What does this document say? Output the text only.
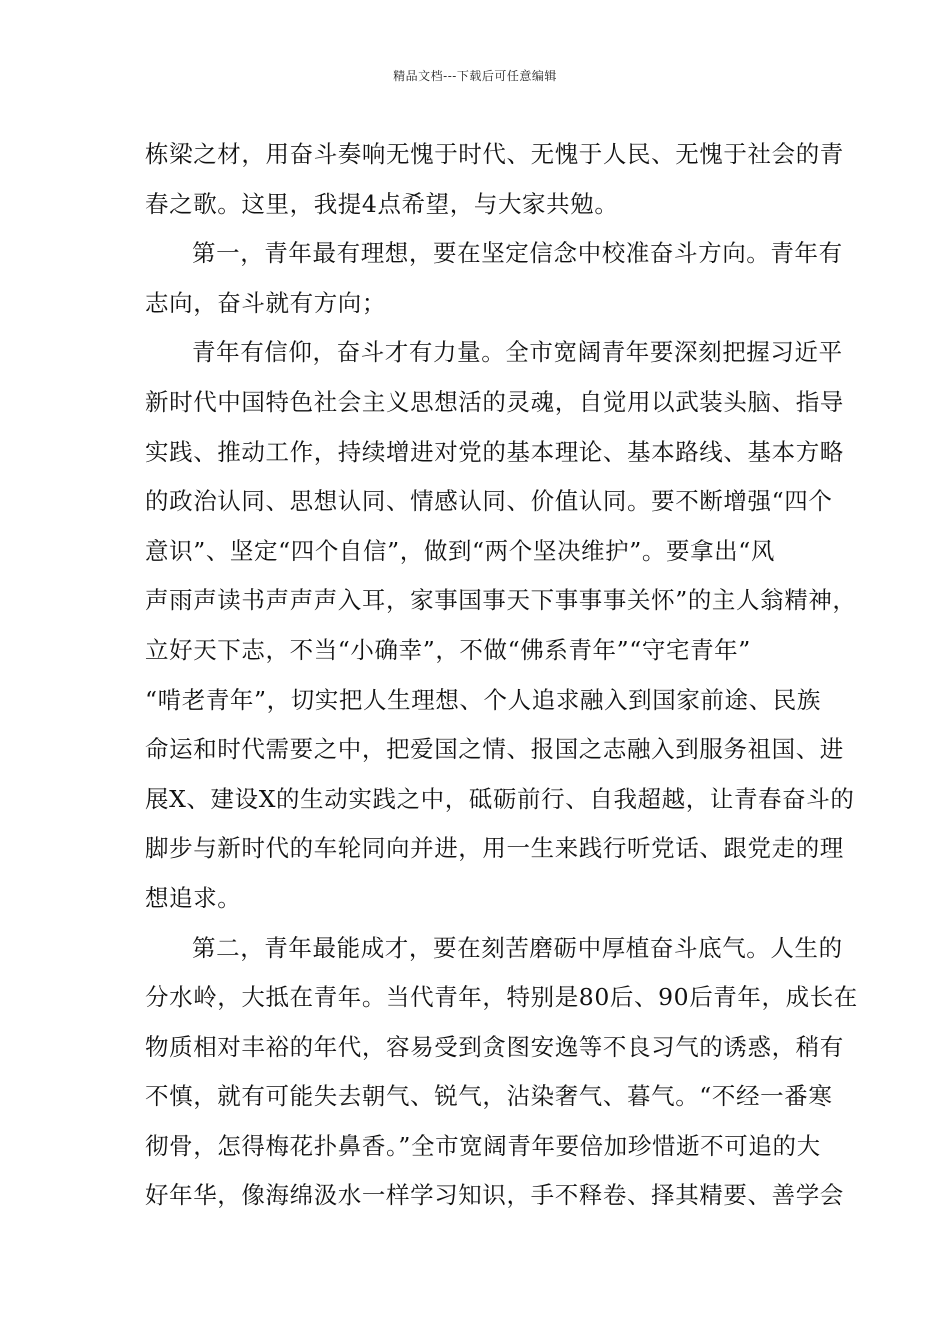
精品文档---下载后可任意编辑
栋梁之材，用奋斗奏响无愧于时代、无愧于人民、无愧于社会的青
春之歌。这里，我提4点希望，与大家共勉。
第一，青年最有理想，要在坚定信念中校准奋斗方向。青年有
志向，奋斗就有方向；
青年有信仰，奋斗才有力量。全市宽阔青年要深刻把握习近平
新时代中国特色社会主义思想活的灵魂，自觉用以武装头脑、指导
实践、推动工作，持续增进对党的基本理论、基本路线、基本方略
的政治认同、思想认同、情感认同、价值认同。要不断增强“四个
意识”、坚定“四个自信”，做到“两个坚决维护”。要拿出“风
声雨声读书声声声入耳，家事国事天下事事事关怀”的主人翁精神，
立好天下志，不当“小确幸”，不做“佛系青年”“守宅青年”
“啃老青年”，切实把人生理想、个人追求融入到国家前途、民族
命运和时代需要之中，把爱国之情、报国之志融入到服务祖国、进
展X、建设X的生动实践之中，砥砺前行、自我超越，让青春奋斗的
脚步与新时代的车轮同向并进，用一生来践行听党话、跟党走的理
想追求。
第二，青年最能成才，要在刻苦磨砺中厚植奋斗底气。人生的
分水岭，大抵在青年。当代青年，特别是80后、90后青年，成长在
物质相对丰裕的年代，容易受到贪图安逸等不良习气的诱惑，稍有
不慎，就有可能失去朝气、锐气，沾染奢气、暮气。“不经一番寒
彻骨，怎得梅花扑鼻香。”全市宽阔青年要倍加珍惜逝不可追的大
好年华，像海绵汲水一样学习知识，手不释卷、择其精要、善学会
